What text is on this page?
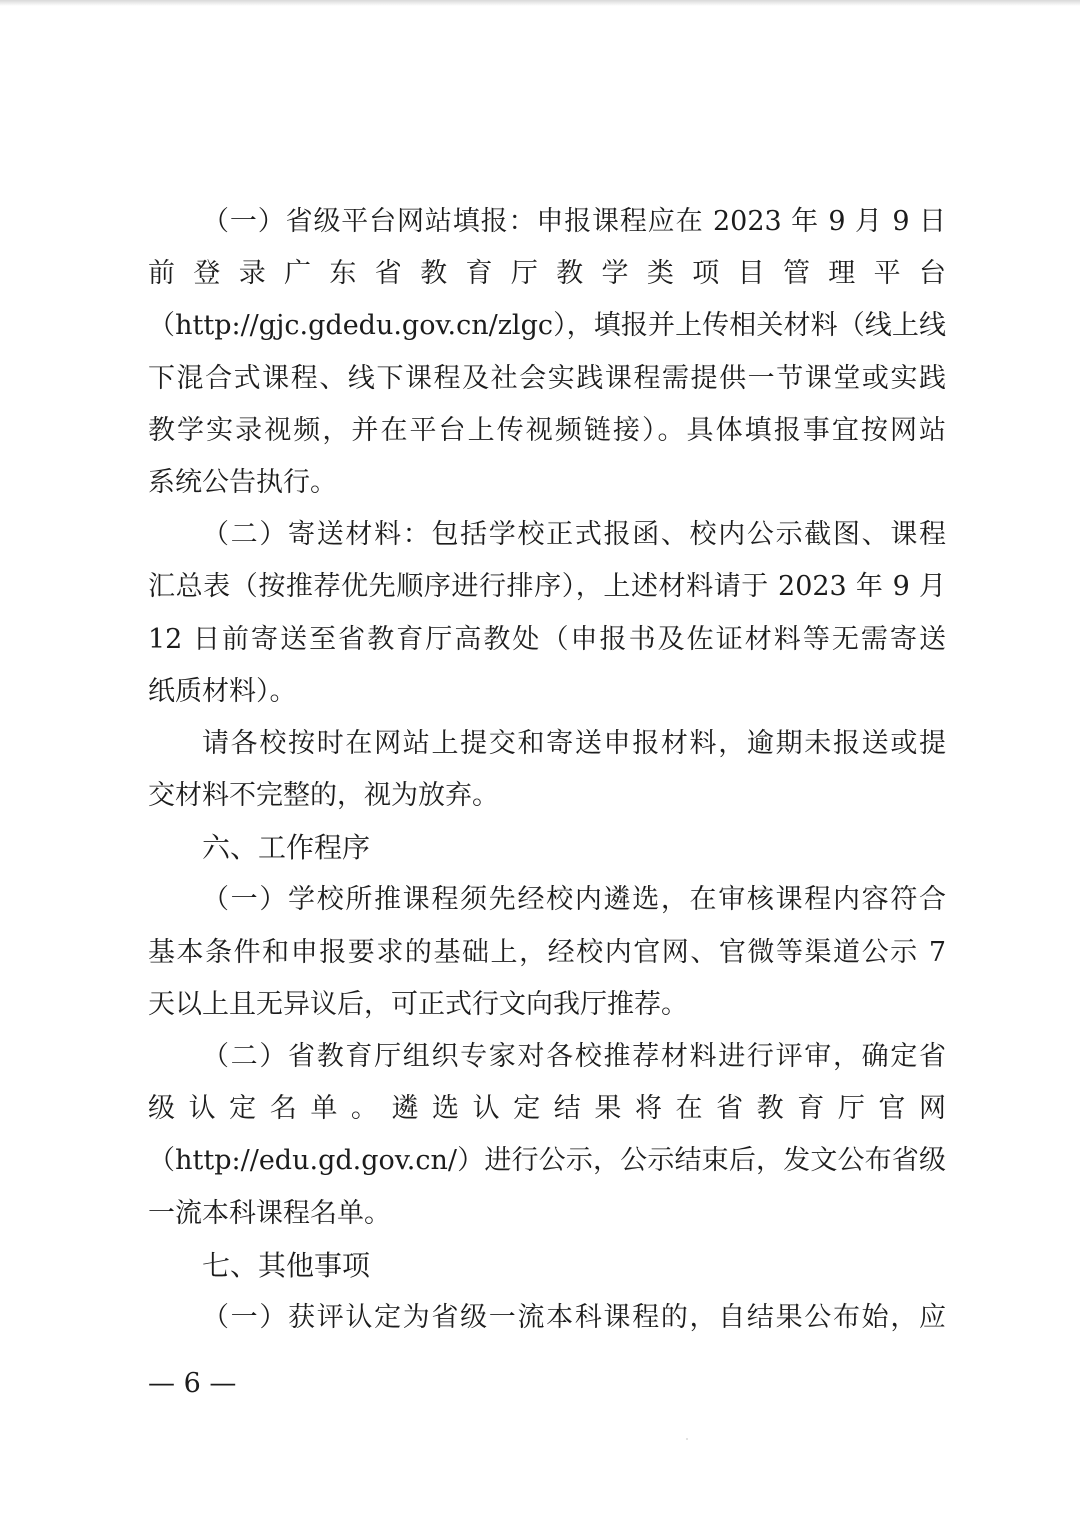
（一）省级平台网站填报：申报课程应在 2023 年 9 月 9 日
前登录广东省教育厅教学类项目管理平台
（http://gjc.gdedu.gov.cn/zlgc），填报并上传相关材料（线上线
下混合式课程、线下课程及社会实践课程需提供一节课堂或实践
教学实录视频，并在平台上传视频链接）。具体填报事宜按网站
系统公告执行。
（二）寄送材料：包括学校正式报函、校内公示截图、课程
汇总表（按推荐优先顺序进行排序），上述材料请于 2023 年 9 月
12 日前寄送至省教育厅高教处（申报书及佐证材料等无需寄送
纸质材料）。
请各校按时在网站上提交和寄送申报材料，逾期未报送或提
交材料不完整的，视为放弃。
六、工作程序
（一）学校所推课程须先经校内遴选，在审核课程内容符合
基本条件和申报要求的基础上，经校内官网、官微等渠道公示 7
天以上且无异议后，可正式行文向我厅推荐。
（二）省教育厅组织专家对各校推荐材料进行评审，确定省
级认定名单。遴选认定结果将在省教育厅官网
（http://edu.gd.gov.cn/）进行公示，公示结束后，发文公布省级
一流本科课程名单。
七、其他事项
（一）获评认定为省级一流本科课程的，自结果公布始，应
— 6 —
